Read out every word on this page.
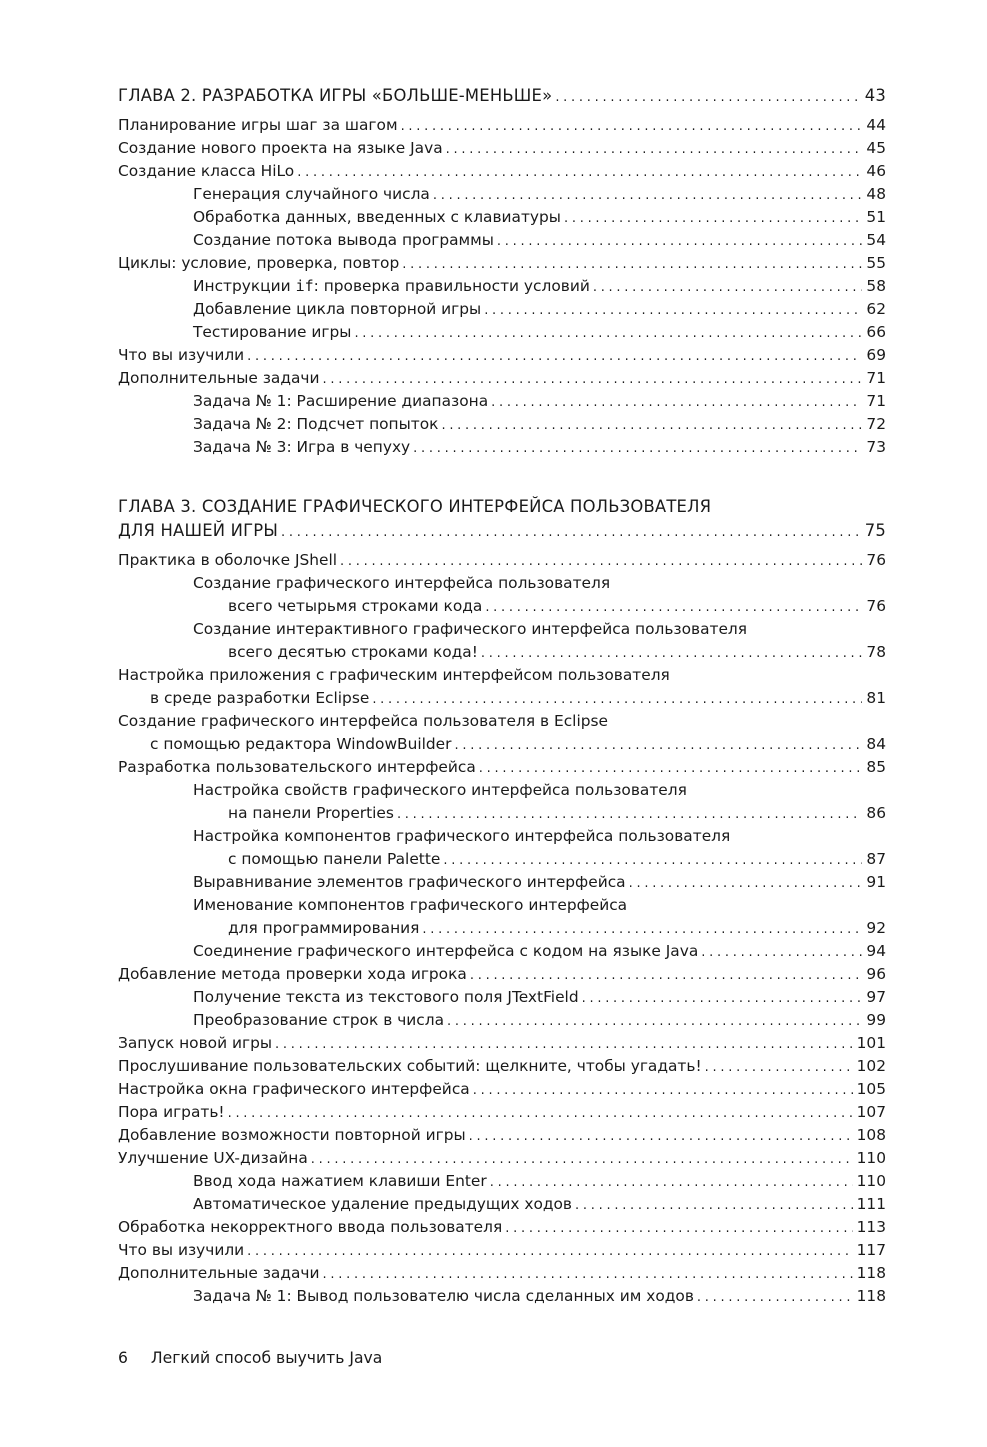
ГЛАВА 2. РАЗРАБОТКА ИГРЫ «БОЛЬШЕ-МЕНЬШЕ» . . .	43
Планирование игры шаг за шагом . . .	44
Создание нового проекта на языке Java . . .	45
Создание класса HiLo . . .	46
Генерация случайного числа . . .	48
Обработка данных, введенных с клавиатуры . . .	51
Создание потока вывода программы . . .	54
Циклы: условие, проверка, повтор . . .	55
Инструкции if: проверка правильности условий . . .	58
Добавление цикла повторной игры . . .	62
Тестирование игры . . .	66
Что вы изучили . . .	69
Дополнительные задачи . . .	71
Задача № 1: Расширение диапазона . . .	71
Задача № 2: Подсчет попыток . . .	72
Задача № 3: Игра в чепуху . . .	73
ГЛАВА 3. СОЗДАНИЕ ГРАФИЧЕСКОГО ИНТЕРФЕЙСА ПОЛЬЗОВАТЕЛЯ
ДЛЯ НАШЕЙ ИГРЫ . . .	75
Практика в оболочке JShell . . .	76
Создание графического интерфейса пользователя
всего четырьмя строками кода . . .	76
Создание интерактивного графического интерфейса пользователя
всего десятью строками кода! . . .	78
Настройка приложения с графическим интерфейсом пользователя
в среде разработки Eclipse . . .	81
Создание графического интерфейса пользователя в Eclipse
с помощью редактора WindowBuilder . . .	84
Разработка пользовательского интерфейса . . .	85
Настройка свойств графического интерфейса пользователя
на панели Properties . . .	86
Настройка компонентов графического интерфейса пользователя
с помощью панели Palette . . .	87
Выравнивание элементов графического интерфейса . . .	91
Именование компонентов графического интерфейса
для программирования . . .	92
Соединение графического интерфейса с кодом на языке Java . . .	94
Добавление метода проверки хода игрока . . .	96
Получение текста из текстового поля JTextField . . .	97
Преобразование строк в числа . . .	99
Запуск новой игры . . .	101
Прослушивание пользовательских событий: щелкните, чтобы угадать! . . .	102
Настройка окна графического интерфейса . . .	105
Пора играть! . . .	107
Добавление возможности повторной игры . . .	108
Улучшение UX-дизайна . . .	110
Ввод хода нажатием клавиши Enter . . .	110
Автоматическое удаление предыдущих ходов . . .	111
Обработка некорректного ввода пользователя . . .	113
Что вы изучили . . .	117
Дополнительные задачи . . .	118
Задача № 1: Вывод пользователю числа сделанных им ходов . . .	118
6 Легкий способ выучить Java
